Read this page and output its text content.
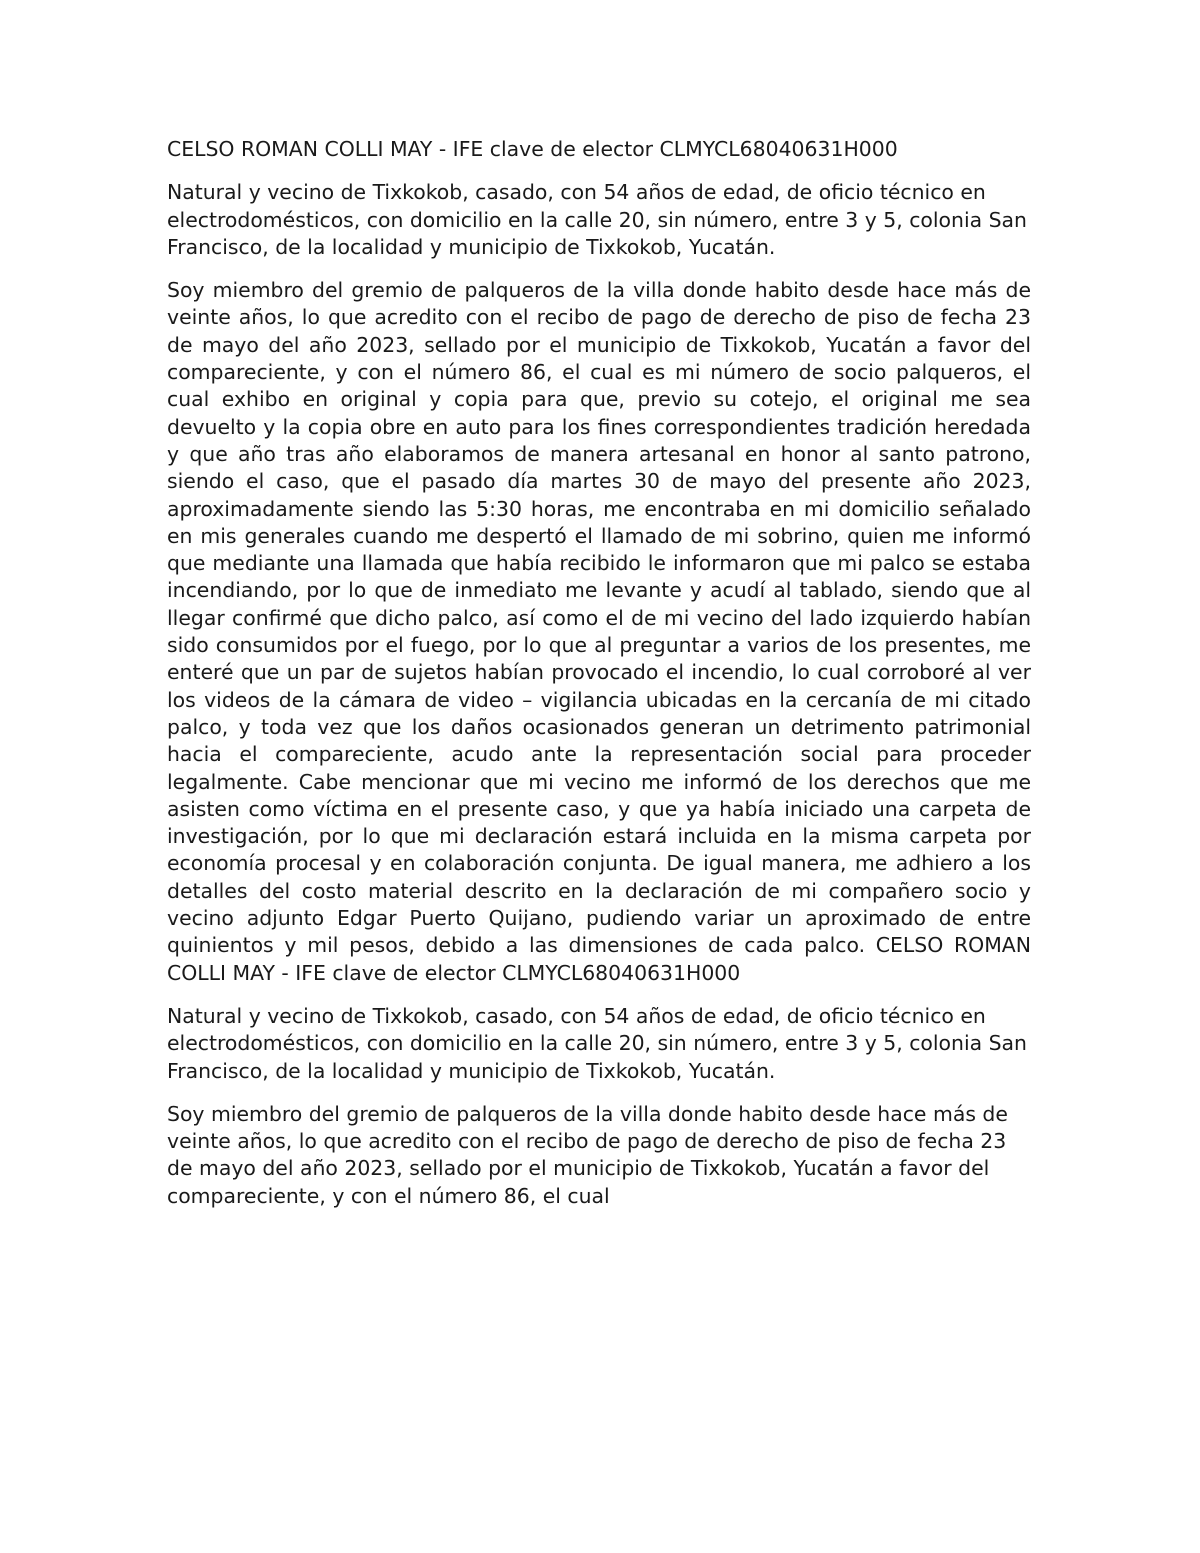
CELSO ROMAN COLLI MAY - IFE clave de elector CLMYCL68040631H000

Natural y vecino de Tixkokob, casado, con 54 años de edad, de oficio técnico en electrodomésticos, con domicilio en la calle 20, sin número, entre 3 y 5, colonia San Francisco, de la localidad y municipio de Tixkokob, Yucatán.

Soy miembro del gremio de palqueros de la villa donde habito desde hace más de veinte años, lo que acredito con el recibo de pago de derecho de piso de fecha 23 de mayo del año 2023, sellado por el municipio de Tixkokob, Yucatán a favor del compareciente, y con el número 86, el cual es mi número de socio palqueros, el cual exhibo en original y copia para que, previo su cotejo, el original me sea devuelto y la copia obre en auto para los fines correspondientes tradición heredada y que año tras año elaboramos de manera artesanal en honor al santo patrono, siendo el caso, que el pasado día martes 30 de mayo del presente año 2023, aproximadamente siendo las 5:30 horas, me encontraba en mi domicilio señalado en mis generales cuando me despertó el llamado de mi sobrino, quien me informó que mediante una llamada que había recibido le informaron que mi palco se estaba incendiando, por lo que de inmediato me levante y acudí al tablado, siendo que al llegar confirmé que dicho palco, así como el de mi vecino del lado izquierdo habían sido consumidos por el fuego, por lo que al preguntar a varios de los presentes, me enteré que un par de sujetos habían provocado el incendio, lo cual corroboré al ver los videos de la cámara de video – vigilancia ubicadas en la cercanía de mi citado palco, y toda vez que los daños ocasionados generan un detrimento patrimonial hacia el compareciente, acudo ante la representación social para proceder legalmente. Cabe mencionar que mi vecino me informó de los derechos que me asisten como víctima en el presente caso, y que ya había iniciado una carpeta de investigación, por lo que mi declaración estará incluida en la misma carpeta por economía procesal y en colaboración conjunta. De igual manera, me adhiero a los detalles del costo material descrito en la declaración de mi compañero socio y vecino adjunto Edgar Puerto Quijano, pudiendo variar un aproximado de entre quinientos y mil pesos, debido a las dimensiones de cada palco. CELSO ROMAN COLLI MAY - IFE clave de elector CLMYCL68040631H000

Natural y vecino de Tixkokob, casado, con 54 años de edad, de oficio técnico en electrodomésticos, con domicilio en la calle 20, sin número, entre 3 y 5, colonia San Francisco, de la localidad y municipio de Tixkokob, Yucatán.

Soy miembro del gremio de palqueros de la villa donde habito desde hace más de veinte años, lo que acredito con el recibo de pago de derecho de piso de fecha 23 de mayo del año 2023, sellado por el municipio de Tixkokob, Yucatán a favor del compareciente, y con el número 86, el cual
